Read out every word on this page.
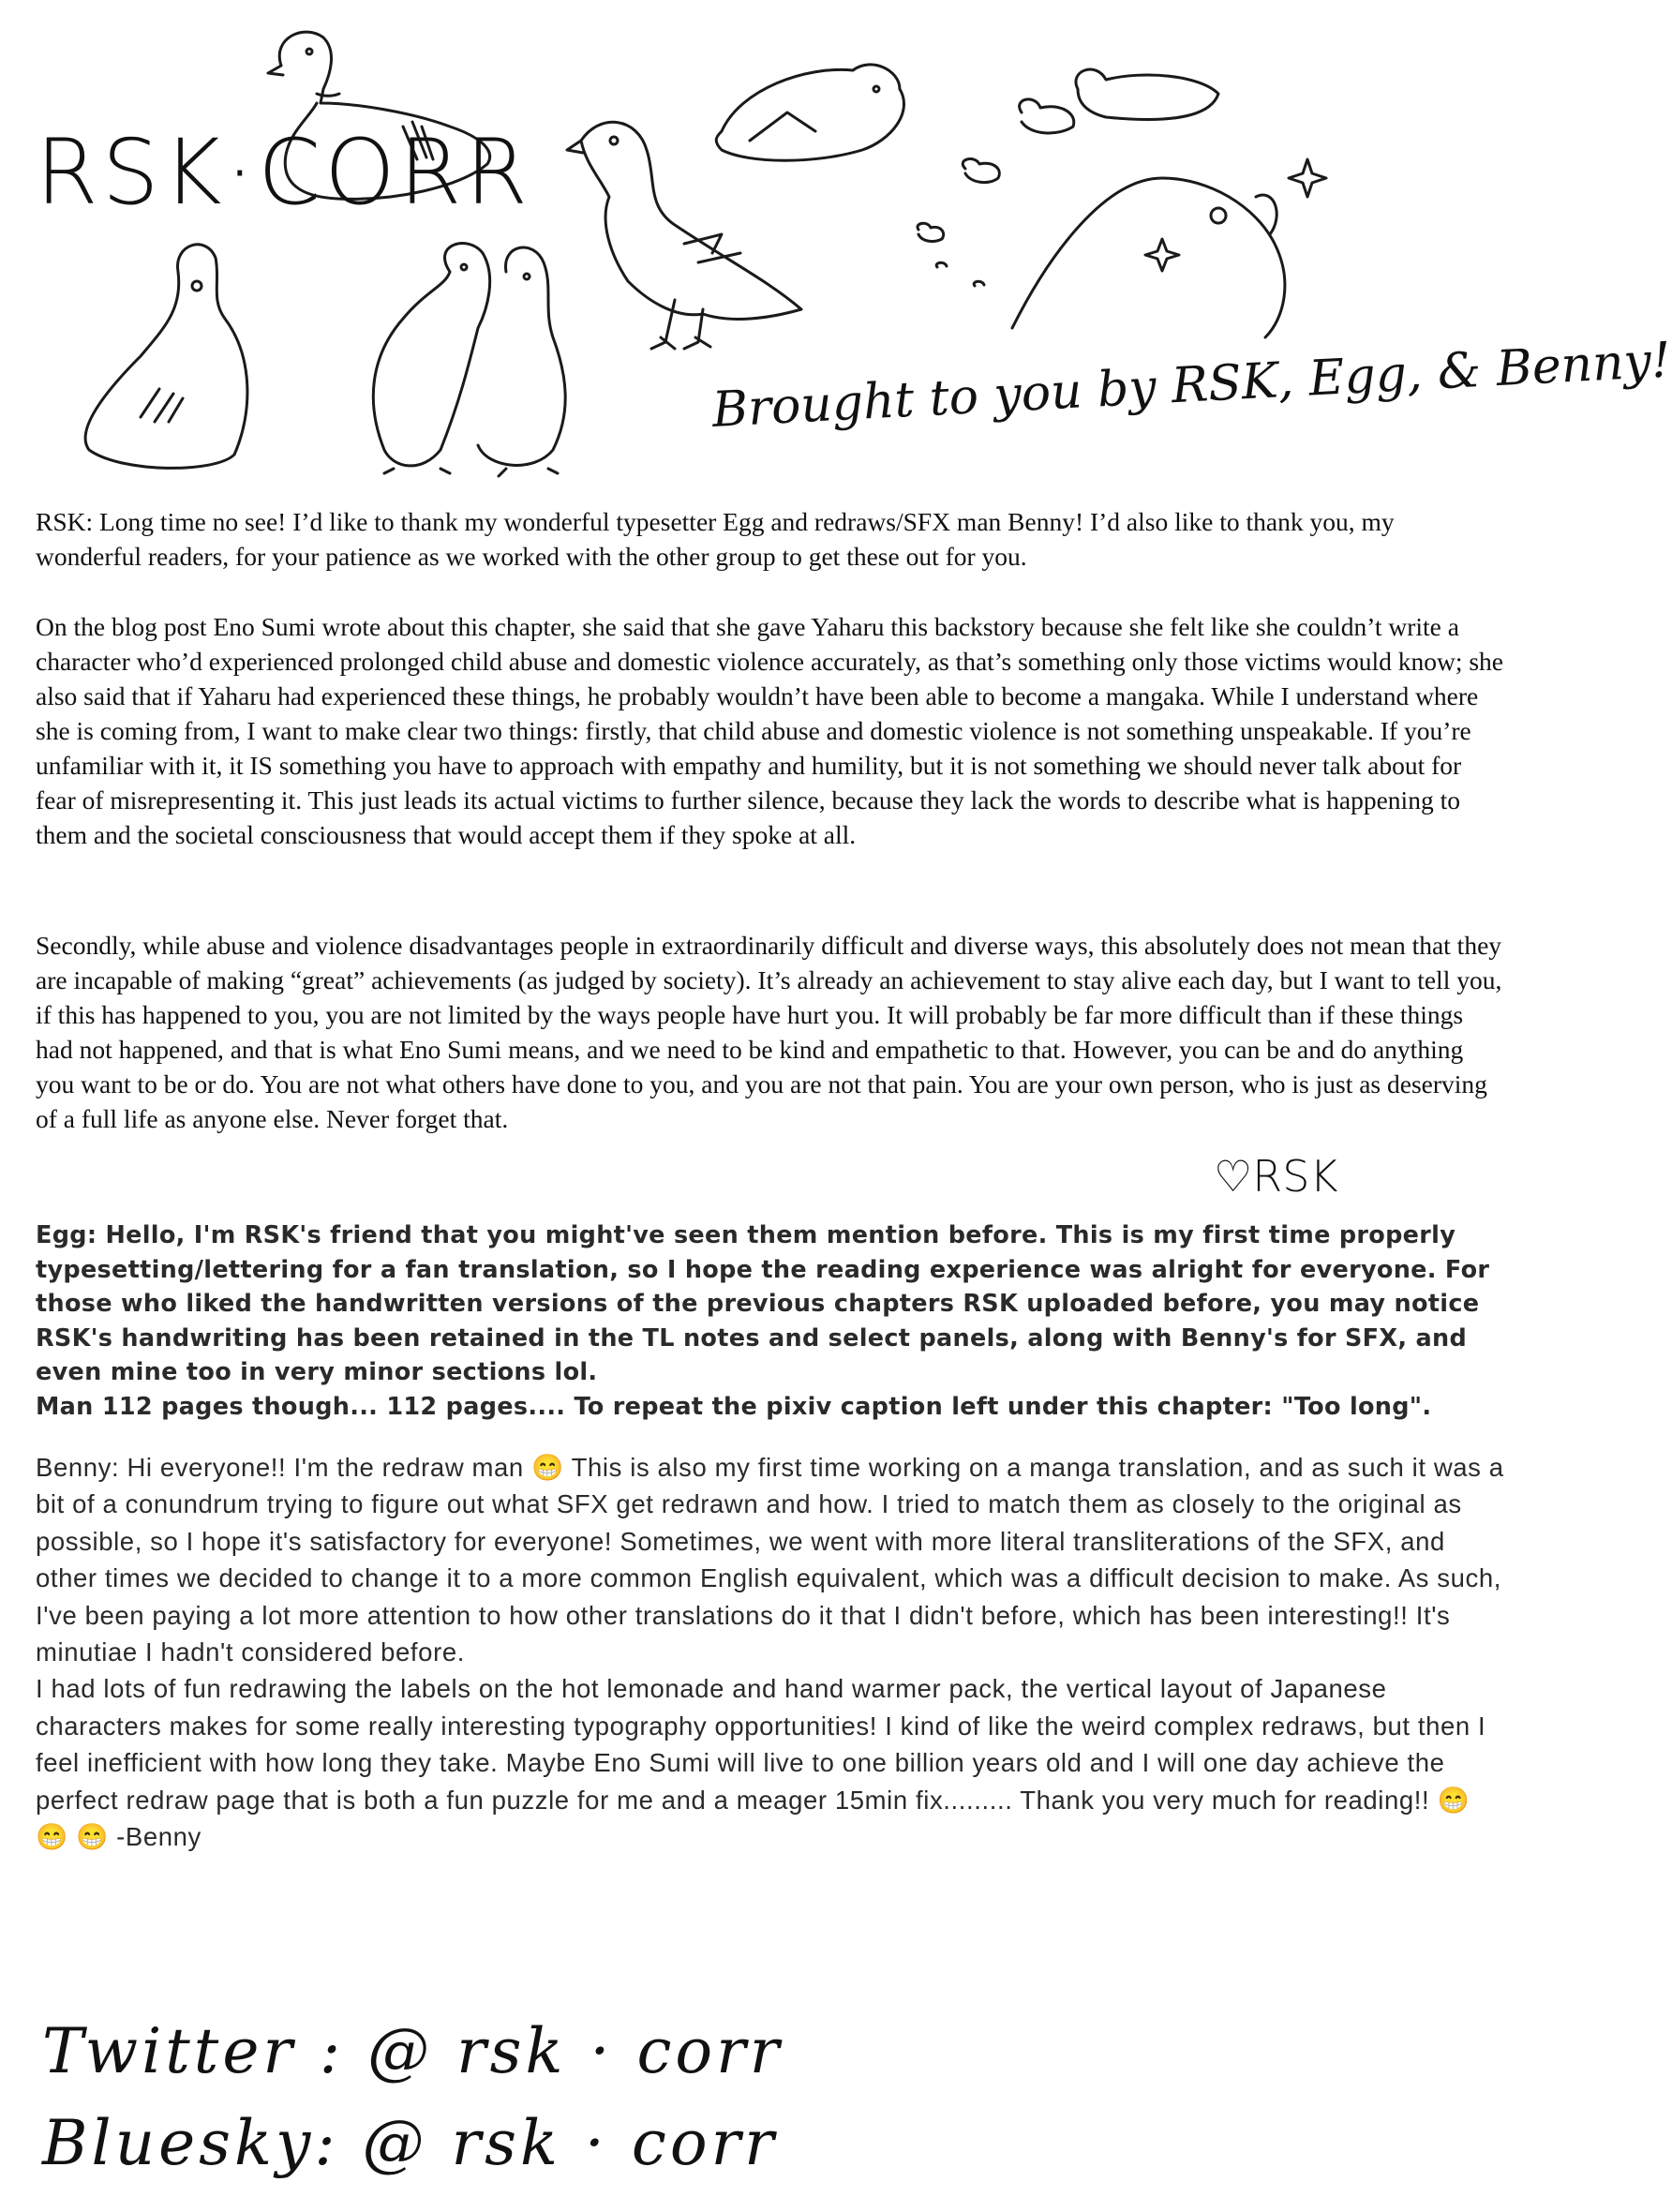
RSK·CORR
Brought to you by RSK, Egg, & Benny!

RSK: Long time no see! I’d like to thank my wonderful typesetter Egg and redraws/SFX man Benny! I’d also like to thank you, my wonderful readers, for your patience as we worked with the other group to get these out for you.

On the blog post Eno Sumi wrote about this chapter, she said that she gave Yaharu this backstory because she felt like she couldn’t write a character who’d experienced prolonged child abuse and domestic violence accurately, as that’s something only those victims would know; she also said that if Yaharu had experienced these things, he probably wouldn’t have been able to become a mangaka. While I understand where she is coming from, I want to make clear two things: firstly, that child abuse and domestic violence is not something unspeakable. If you’re unfamiliar with it, it IS something you have to approach with empathy and humility, but it is not something we should never talk about for fear of misrepresenting it. This just leads its actual victims to further silence, because they lack the words to describe what is happening to them and the societal consciousness that would accept them if they spoke at all.

Secondly, while abuse and violence disadvantages people in extraordinarily difficult and diverse ways, this absolutely does not mean that they are incapable of making “great” achievements (as judged by society). It’s already an achievement to stay alive each day, but I want to tell you, if this has happened to you, you are not limited by the ways people have hurt you. It will probably be far more difficult than if these things had not happened, and that is what Eno Sumi means, and we need to be kind and empathetic to that. However, you can be and do anything you want to be or do. You are not what others have done to you, and you are not that pain. You are your own person, who is just as deserving of a full life as anyone else. Never forget that.

♡RSK

Egg: Hello, I'm RSK's friend that you might've seen them mention before. This is my first time properly typesetting/lettering for a fan translation, so I hope the reading experience was alright for everyone. For those who liked the handwritten versions of the previous chapters RSK uploaded before, you may notice RSK's handwriting has been retained in the TL notes and select panels, along with Benny's for SFX, and even mine too in very minor sections lol.
Man 112 pages though... 112 pages.... To repeat the pixiv caption left under this chapter: "Too long".

Benny: Hi everyone!! I'm the redraw man 😁 This is also my first time working on a manga translation, and as such it was a bit of a conundrum trying to figure out what SFX get redrawn and how. I tried to match them as closely to the original as possible, so I hope it's satisfactory for everyone! Sometimes, we went with more literal transliterations of the SFX, and other times we decided to change it to a more common English equivalent, which was a difficult decision to make. As such, I've been paying a lot more attention to how other translations do it that I didn't before, which has been interesting!! It's minutiae I hadn't considered before.
I had lots of fun redrawing the labels on the hot lemonade and hand warmer pack, the vertical layout of Japanese characters makes for some really interesting typography opportunities! I kind of like the weird complex redraws, but then I feel inefficient with how long they take. Maybe Eno Sumi will live to one billion years old and I will one day achieve the perfect redraw page that is both a fun puzzle for me and a meager 15min fix......... Thank you very much for reading!! 😁 😁 😁 -Benny

Twitter : @ rsk · corr
Bluesky: @ rsk · corr
